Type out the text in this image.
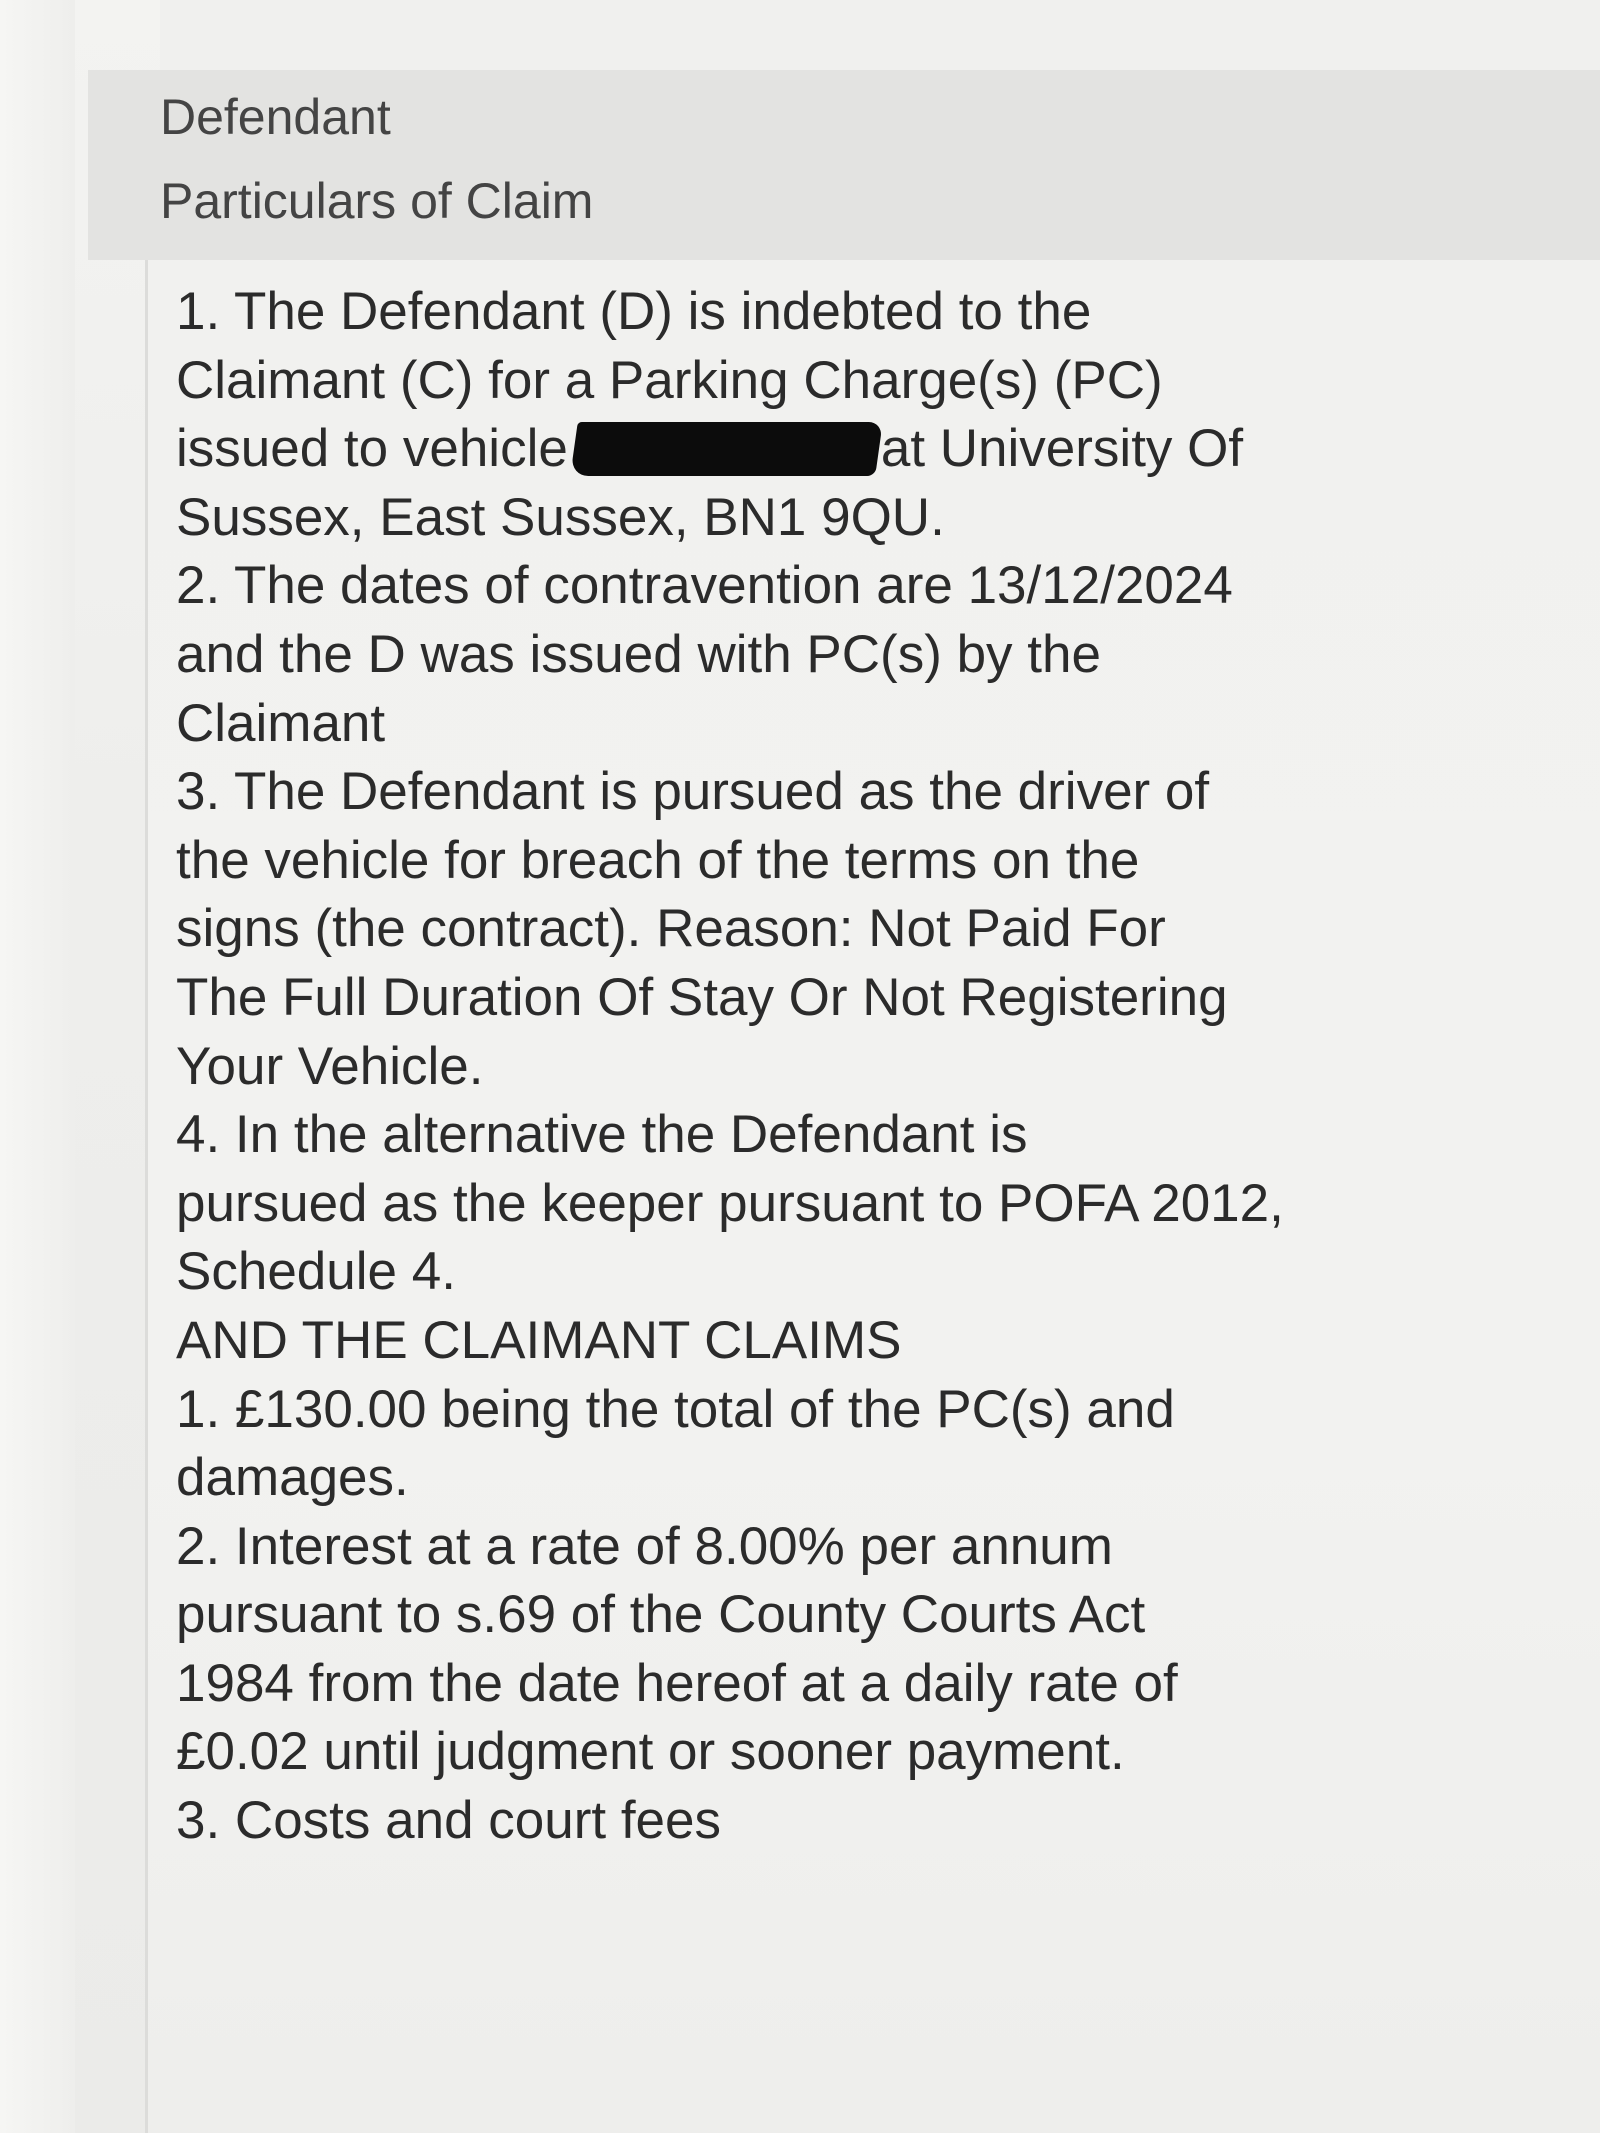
Defendant
Particulars of Claim
1. The Defendant (D) is indebted to the
Claimant (C) for a Parking Charge(s) (PC)
issued to vehicle	at University Of
Sussex, East Sussex, BN1 9QU.
2. The dates of contravention are 13/12/2024
and the D was issued with PC(s) by the
Claimant
3. The Defendant is pursued as the driver of
the vehicle for breach of the terms on the
signs (the contract). Reason: Not Paid For
The Full Duration Of Stay Or Not Registering
Your Vehicle.
4. In the alternative the Defendant is
pursued as the keeper pursuant to POFA 2012,
Schedule 4.
AND THE CLAIMANT CLAIMS
1. £130.00 being the total of the PC(s) and
damages.
2. Interest at a rate of 8.00% per annum
pursuant to s.69 of the County Courts Act
1984 from the date hereof at a daily rate of
£0.02 until judgment or sooner payment.
3. Costs and court fees
